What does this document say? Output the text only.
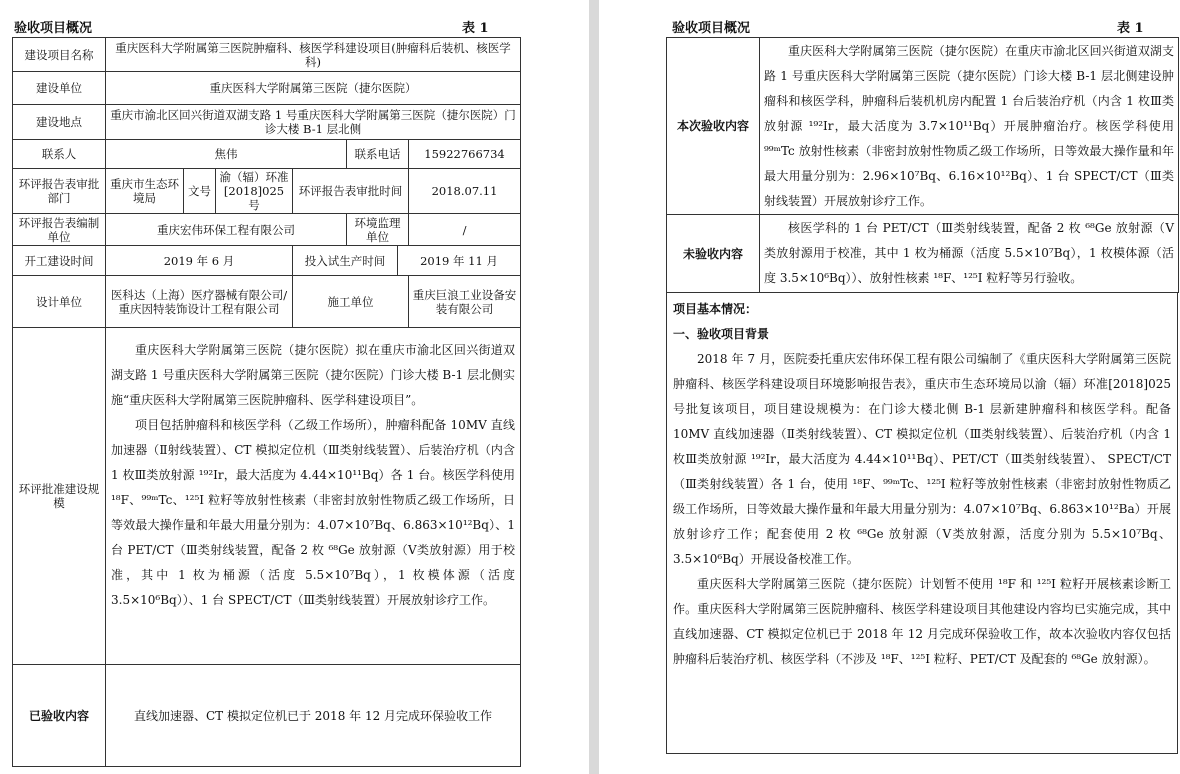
验收项目概况	表 1
建设项目名称	重庆医科大学附属第三医院肿瘤科、核医学科建设项目(肿瘤科后装机、核医学科)						
建设单位	重庆医科大学附属第三医院（捷尔医院）						
建设地点	重庆市渝北区回兴街道双湖支路 1 号重庆医科大学附属第三医院（捷尔医院）门诊大楼 B-1 层北侧						
联系人	焦伟				联系电话		15922766734
环评报告表审批部门	重庆市生态环境局	文号	渝（辐）环准[2018]025 号	环评报告表审批时间			2018.07.11
环评报告表编制单位	重庆宏伟环保工程有限公司				环境监理单位		/
开工建设时间	2019 年 6 月			投入试生产时间		2019 年 11 月	
设计单位	医科达（上海）医疗器械有限公司/重庆因特装饰设计工程有限公司			施工单位			重庆巨浪工业设备安装有限公司
环评批准建设规模	重庆医科大学附属第三医院（捷尔医院）拟在重庆市渝北区回兴街道双湖支路 1 号重庆医科大学附属第三医院（捷尔医院）门诊大楼 B-1 层北侧实施“重庆医科大学附属第三医院肿瘤科、医学科建设项目”。

项目包括肿瘤科和核医学科（乙级工作场所），肿瘤科配备 10MV 直线加速器（Ⅱ射线装置）、CT 模拟定位机（Ⅲ类射线装置）、后装治疗机（内含 1 枚Ⅲ类放射源 ¹⁹²Ir，最大活度为 4.44×10¹¹Bq）各 1 台。核医学科使用 ¹⁸F、⁹⁹ᵐTc、¹²⁵I 粒籽等放射性核素（非密封放射性物质乙级工作场所，日等效最大操作量和年最大用量分别为：4.07×10⁷Bq、6.863×10¹²Bq）、1 台 PET/CT（Ⅲ类射线装置，配备 2 枚 ⁶⁸Ge 放射源（Ⅴ类放射源）用于校准，其中 1 枚为桶源（活度 5.5×10⁷Bq），1 枚模体源（活度 3.5×10⁶Bq））、1 台 SPECT/CT（Ⅲ类射线装置）开展放射诊疗工作。						

已验收内容	直线加速器、CT 模拟定位机已于 2018 年 12 月完成环保验收工作						
验收项目概况	表 1
本次验收内容	重庆医科大学附属第三医院（捷尔医院）在重庆市渝北区回兴街道双湖支路 1 号重庆医科大学附属第三医院（捷尔医院）门诊大楼 B-1 层北侧建设肿瘤科和核医学科，肿瘤科后装机机房内配置 1 台后装治疗机（内含 1 枚Ⅲ类放射源 ¹⁹²Ir，最大活度为 3.7×10¹¹Bq）开展肿瘤治疗。核医学科使用 ⁹⁹ᵐTc 放射性核素（非密封放射性物质乙级工作场所，日等效最大操作量和年最大用量分别为：2.96×10⁷Bq、6.16×10¹²Bq）、1 台 SPECT/CT（Ⅲ类射线装置）开展放射诊疗工作。

未验收内容	核医学科的 1 台 PET/CT（Ⅲ类射线装置，配备 2 枚 ⁶⁸Ge 放射源（Ⅴ类放射源用于校准，其中 1 枚为桶源（活度 5.5×10⁷Bq），1 枚模体源（活度 3.5×10⁶Bq））、放射性核素 ¹⁸F、¹²⁵I 粒籽等另行验收。

项目基本情况：

一、验收项目背景

2018 年 7 月，医院委托重庆宏伟环保工程有限公司编制了《重庆医科大学附属第三医院肿瘤科、核医学科建设项目环境影响报告表》，重庆市生态环境局以渝（辐）环准[2018]025 号批复该项目，项目建设规模为：在门诊大楼北侧 B-1 层新建肿瘤科和核医学科。配备 10MV 直线加速器（Ⅱ类射线装置）、CT 模拟定位机（Ⅲ类射线装置）、后装治疗机（内含 1 枚Ⅲ类放射源 ¹⁹²Ir，最大活度为 4.44×10¹¹Bq）、PET/CT（Ⅲ类射线装置）、 SPECT/CT（Ⅲ类射线装置）各 1 台，使用 ¹⁸F、⁹⁹ᵐTc、¹²⁵I 粒籽等放射性核素（非密封放射性物质乙级工作场所，日等效最大操作量和年最大用量分别为：4.07×10⁷Bq、6.863×10¹²Ba）开展放射诊疗工作；配套使用 2 枚 ⁶⁸Ge 放射源（Ⅴ类放射源，活度分别为 5.5×10⁷Bq、3.5×10⁶Bq）开展设备校准工作。

重庆医科大学附属第三医院（捷尔医院）计划暂不使用 ¹⁸F 和 ¹²⁵I 粒籽开展核素诊断工作。重庆医科大学附属第三医院肿瘤科、核医学科建设项目其他建设内容均已实施完成，其中直线加速器、CT 模拟定位机已于 2018 年 12 月完成环保验收工作，故本次验收内容仅包括肿瘤科后装治疗机、核医学科（不涉及 ¹⁸F、¹²⁵I 粒籽、PET/CT 及配套的 ⁶⁸Ge 放射源）。
